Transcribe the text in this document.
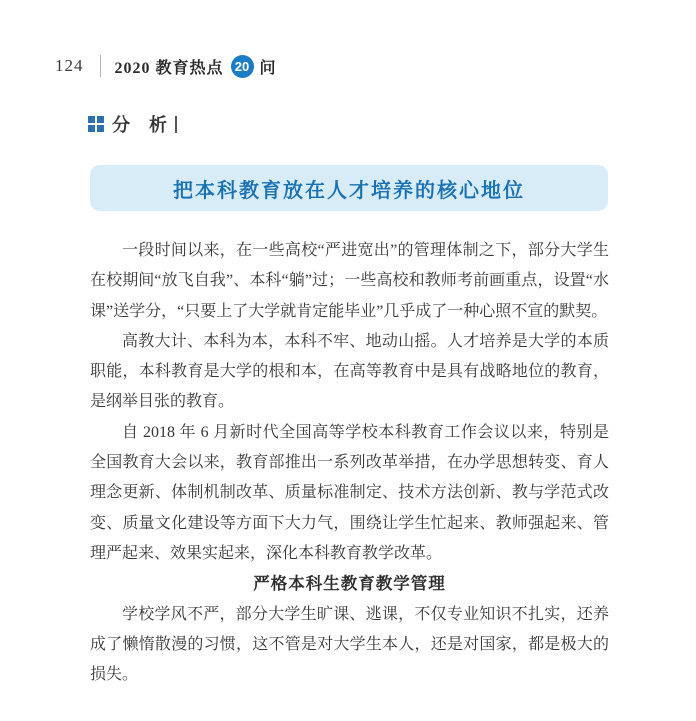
124 2020 教育热点 20 问
分 析
把本科教育放在人才培养的核心地位

一段时间以来，在一些高校“严进宽出”的管理体制之下，部分大学生在校期间“放飞自我”、本科“躺”过；一些高校和教师考前画重点，设置“水课”送学分，“只要上了大学就肯定能毕业”几乎成了一种心照不宣的默契。

高教大计、本科为本，本科不牢、地动山摇。人才培养是大学的本质职能，本科教育是大学的根和本，在高等教育中是具有战略地位的教育，是纲举目张的教育。

自 2018 年 6 月新时代全国高等学校本科教育工作会议以来，特别是全国教育大会以来，教育部推出一系列改革举措，在办学思想转变、育人理念更新、体制机制改革、质量标准制定、技术方法创新、教与学范式改变、质量文化建设等方面下大力气，围绕让学生忙起来、教师强起来、管理严起来、效果实起来，深化本科教育教学改革。

严格本科生教育教学管理

学校学风不严，部分大学生旷课、逃课，不仅专业知识不扎实，还养成了懒惰散漫的习惯，这不管是对大学生本人，还是对国家，都是极大的损失。
